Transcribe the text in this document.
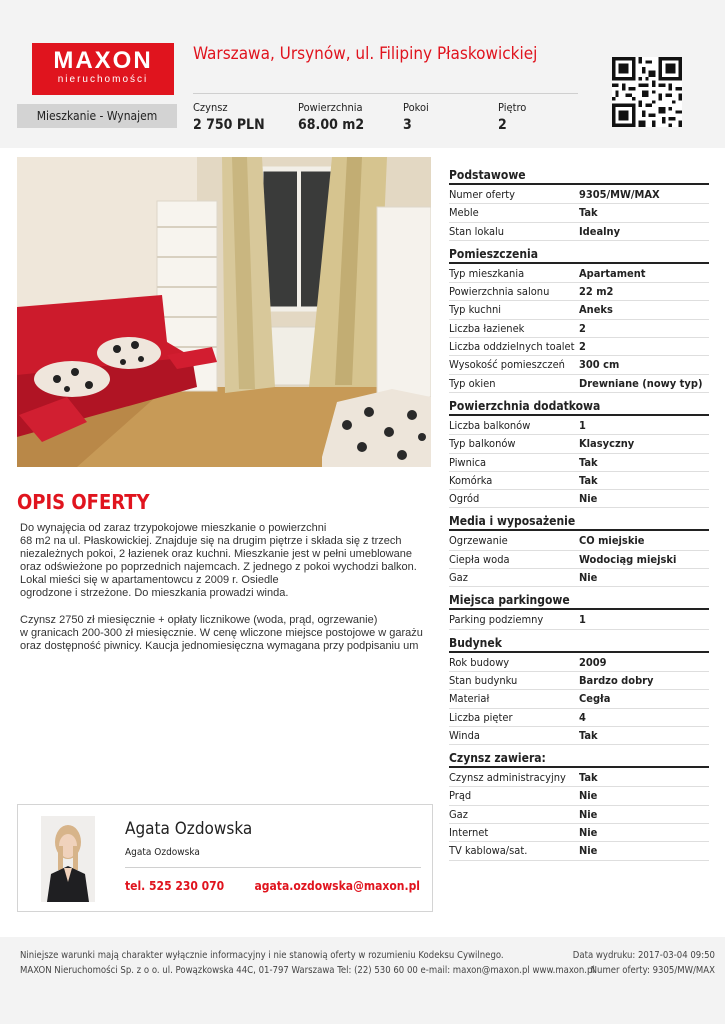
MAXON
nieruchomości
Warszawa, Ursynów, ul. Filipiny Płaskowickiej
Mieszkanie - Wynajem
Czynsz
2 750 PLN
Powierzchnia
68.00 m2
Pokoi
3
Piętro
2
OPIS OFERTY

Do wynajęcia od zaraz trzypokojowe mieszkanie o powierzchni
68 m2 na ul. Płaskowickiej. Znajduje się na drugim piętrze i składa się z trzech
niezależnych pokoi, 2 łazienek oraz kuchni. Mieszkanie jest w pełni umeblowane
oraz odświeżone po poprzednich najemcach. Z jednego z pokoi wychodzi balkon.
Lokal mieści się w apartamentowcu z 2009 r. Osiedle
ogrodzone i strzeżone. Do mieszkania prowadzi winda.

Czynsz 2750 zł miesięcznie + opłaty licznikowe (woda, prąd, ogrzewanie)
w granicach 200-300 zł miesięcznie. W cenę wliczone miejsce postojowe w garażu
oraz dostępność piwnicy. Kaucja jednomiesięczna wymagana przy podpisaniu um

Agata Ozdowska
Agata Ozdowska
tel. 525 230 070	agata.ozdowska@maxon.pl
Podstawowe
Numer oferty	9305/MW/MAX
Meble	Tak
Stan lokalu	Idealny
Pomieszczenia
Typ mieszkania	Apartament
Powierzchnia salonu	22 m2
Typ kuchni	Aneks
Liczba łazienek	2
Liczba oddzielnych toalet 2
Wysokość pomieszczeń 300 cm
Typ okien	Drewniane (nowy typ)
Powierzchnia dodatkowa
Liczba balkonów	1
Typ balkonów	Klasyczny
Piwnica	Tak
Komórka	Tak
Ogród	Nie
Media i wyposażenie
Ogrzewanie	CO miejskie
Ciepła woda	Wodociąg miejski
Gaz	Nie
Miejsca parkingowe
Parking podziemny	1
Budynek
Rok budowy	2009
Stan budynku	Bardzo dobry
Materiał	Cegła
Liczba pięter	4
Winda	Tak
Czynsz zawiera:
Czynsz administracyjny Tak
Prąd	Nie
Gaz	Nie
Internet	Nie
TV kablowa/sat.	Nie
Niniejsze warunki mają charakter wyłącznie informacyjny i nie stanowią oferty w rozumieniu Kodeksu Cywilnego.
MAXON Nieruchomości Sp. z o o. ul. Powązkowska 44C, 01-797 Warszawa Tel: (22) 530 60 00 e-mail: maxon@maxon.pl www.maxon.pl
Data wydruku: 2017-03-04 09:50
Numer oferty: 9305/MW/MAX
